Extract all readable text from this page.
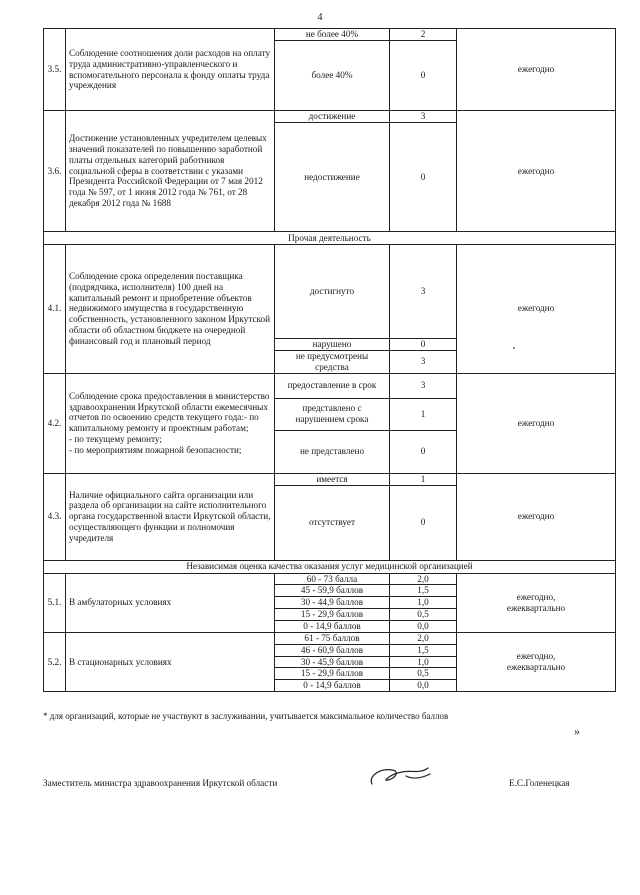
4
3.5.	Соблюдение соотношения доли расходов на оплату труда административно-управленческого и вспомогательного персонала к фонду оплаты труда учреждения	не более 40%	2	ежегодно
		более 40%	0	
3.6.	Достижение установленных учредителем целевых значений показателей по повышению заработной платы отдельных категорий работников социальной сферы в соответствии с указами Президента Российской Федерации от 7 мая 2012 года № 597, от 1 июня 2012 года № 761, от 28 декабря 2012 года № 1688	достижение	3	ежегодно
		недостижение	0	
Прочая деятельность				
4.1.	Соблюдение срока определения поставщика (подрядчика, исполнителя) 100 дней на капитальный ремонт и приобретение объектов недвижимого имущества в государственную собственность, установленного законом Иркутской области об областном бюджете на очередной финансовый год и плановый период	достигнуто	3	ежегодно
		нарушено	0	
		не предусмотрены средства	3	
4.2.	Соблюдение срока предоставления в министерство здравоохранения Иркутской области ежемесячных отчетов по освоению средств текущего года:- по капитальному ремонту и проектным работам;
- по текущему ремонту;
- по мероприятиям пожарной безопасности;	предоставление в срок	3	ежегодно
		представлено с нарушением срока	1	
		не представлено	0	
4.3.	Наличие официального сайта организации или раздела об организации на сайте исполнительного органа государственной власти Иркутской области, осуществляющего функции и полномочия учредителя	имеется	1	ежегодно
		отсутствует	0	
Независимая оценка качества оказания услуг медицинской организацией				
5.1.	В амбулаторных условиях	60 - 73 балла	2,0	ежегодно,
ежеквартально
		45 - 59,9 баллов	1,5	
		30 - 44,9 баллов	1,0	
		15 - 29,9 баллов	0,5	
		0 - 14,9 баллов	0,0	
5.2.	В стационарных условиях	61 - 75 баллов	2,0	ежегодно,
ежеквартально
		46 - 60,9 баллов	1,5	
		30 - 45,9 баллов	1,0	
		15 - 29,9 баллов	0,5	
		0 - 14,9 баллов	0,0	
* для организаций, которые не участвуют в заслуживании, учитывается максимальное количество баллов
»
Заместитель министра здравоохранения Иркутской области	Е.С.Голенецкая
